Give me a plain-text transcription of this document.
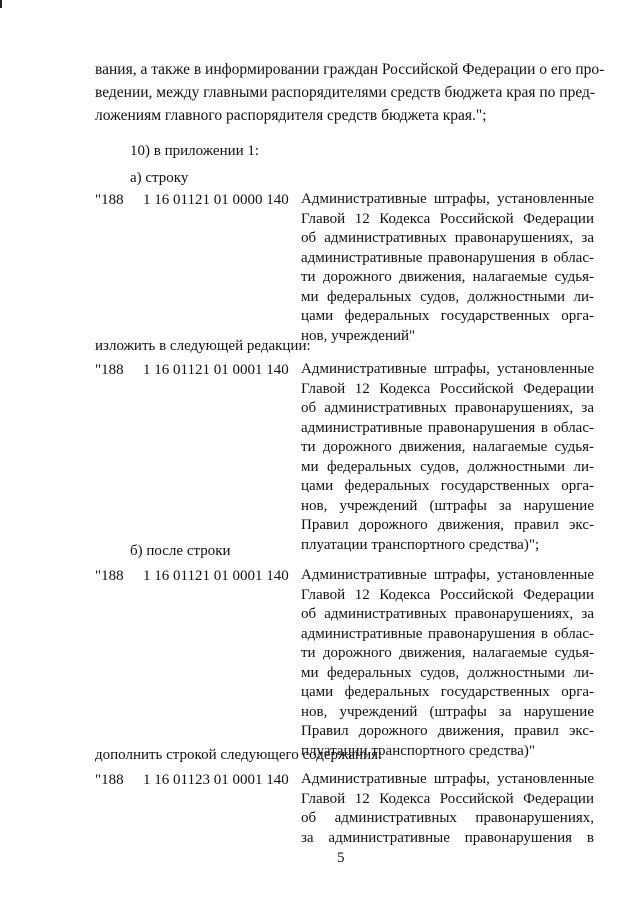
вания, а также в информировании граждан Российской Федерации о его про-
ведении, между главными распорядителями средств бюджета края по пред-
ложениям главного распорядителя средств бюджета края.";
10) в приложении 1:
а) строку
"188 1 16 01121 01 0000 140 Административные штрафы, установленные
Главой 12 Кодекса Российской Федерации
об административных правонарушениях, за
административные правонарушения в облас-
ти дорожного движения, налагаемые судья-
ми федеральных судов, должностными ли-
цами федеральных государственных орга-
нов, учреждений"
изложить в следующей редакции:
"188 1 16 01121 01 0001 140 Административные штрафы, установленные
Главой 12 Кодекса Российской Федерации
об административных правонарушениях, за
административные правонарушения в облас-
ти дорожного движения, налагаемые судья-
ми федеральных судов, должностными ли-
цами федеральных государственных орга-
нов, учреждений (штрафы за нарушение
Правил дорожного движения, правил экс-
плуатации транспортного средства)";
б) после строки
"188 1 16 01121 01 0001 140 Административные штрафы, установленные
Главой 12 Кодекса Российской Федерации
об административных правонарушениях, за
административные правонарушения в облас-
ти дорожного движения, налагаемые судья-
ми федеральных судов, должностными ли-
цами федеральных государственных орга-
нов, учреждений (штрафы за нарушение
Правил дорожного движения, правил экс-
плуатации транспортного средства)"
дополнить строкой следующего содержания:
"188 1 16 01123 01 0001 140 Административные штрафы, установленные
Главой 12 Кодекса Российской Федерации
об административных правонарушениях,
за административные правонарушения в
5
